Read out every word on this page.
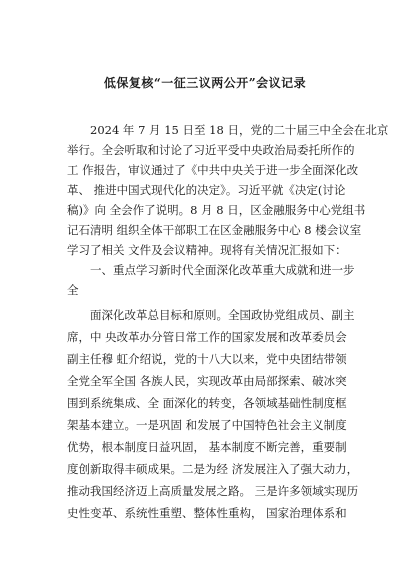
低保复核“一征三议两公开”会议记录
2024 年 7 月 15 日至 18 日，党的二十届三中全会在北京
举行。全会听取和讨论了习近平受中央政治局委托所作的
工 作报告，审议通过了《中共中央关于进一步全面深化改
革、 推进中国式现代化的决定》。习近平就《决定(讨论
稿)》向 全会作了说明。8 月 8 日，区金融服务中心党组书
记石清明 组织全体干部职工在区金融服务中心 8 楼会议室
学习了相关 文件及会议精神。现将有关情况汇报如下：
一、重点学习新时代全面深化改革重大成就和进一步
全
面深化改革总目标和原则。全国政协党组成员、副主
席，中 央改革办分管日常工作的国家发展和改革委员会
副主任穆 虹介绍说，党的十八大以来，党中央团结带领
全党全军全国 各族人民，实现改革由局部探索、破冰突
围到系统集成、全 面深化的转变，各领域基础性制度框
架基本建立。一是巩固 和发展了中国特色社会主义制度
优势，根本制度日益巩固， 基本制度不断完善，重要制
度创新取得丰硕成果。二是为经 济发展注入了强大动力，
推动我国经济迈上高质量发展之路。 三是许多领域实现历
史性变革、系统性重塑、整体性重构， 国家治理体系和
